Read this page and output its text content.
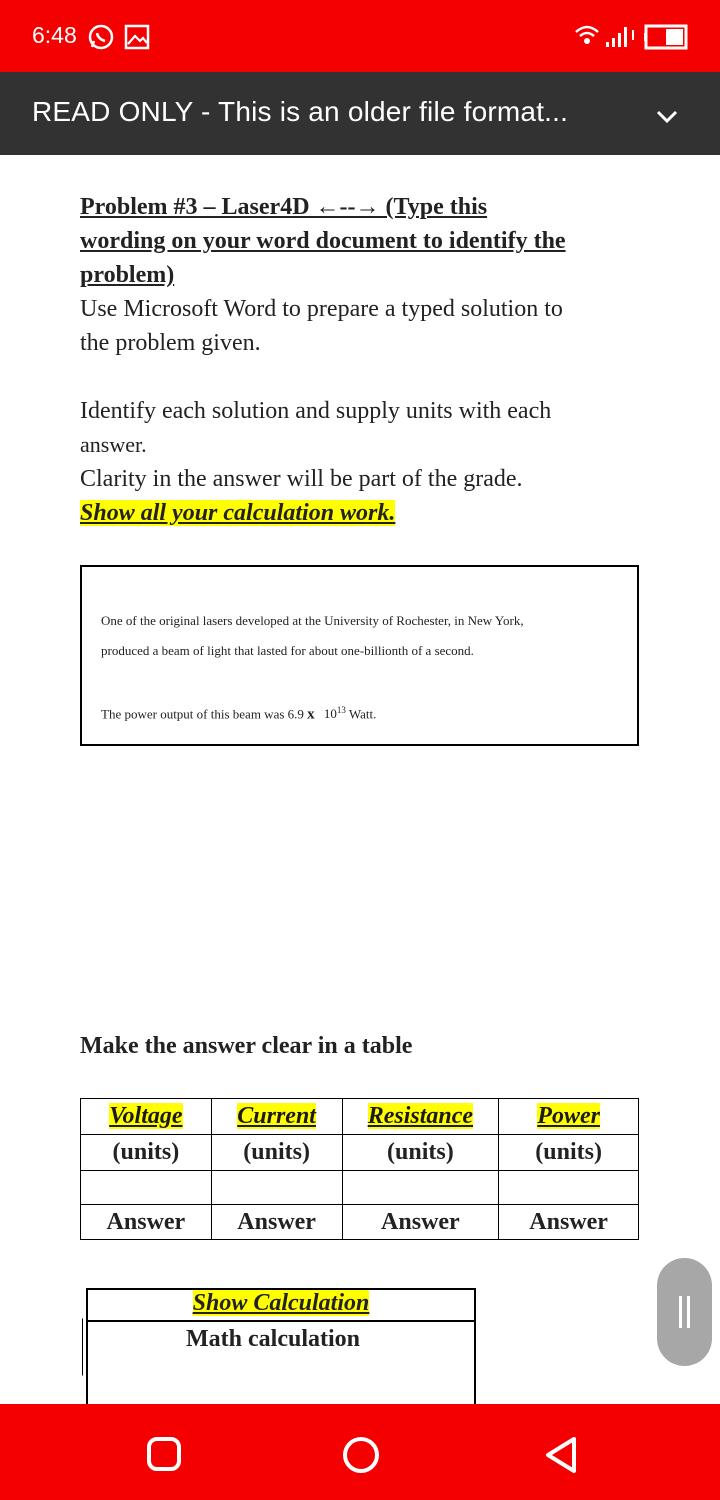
6:48
READ ONLY - This is an older file format...
Problem #3 – Laser4D ←--→ (Type this
wording on your word document to identify the
problem)
Use Microsoft Word to prepare a typed solution to
the problem given.
Identify each solution and supply units with each
answer.
Clarity in the answer will be part of the grade.
Show all your calculation work.

One of the original lasers developed at the University of Rochester, in New York,

produced a beam of light that lasted for about one-billionth of a second.

The power output of this beam was 6.9 x $10^{13}$ Watt.

Make the answer clear in a table
Voltage	Current	Resistance	Power
(units)	(units)	(units)	(units)

Answer	Answer	Answer	Answer
Show Calculation
Math calculation
